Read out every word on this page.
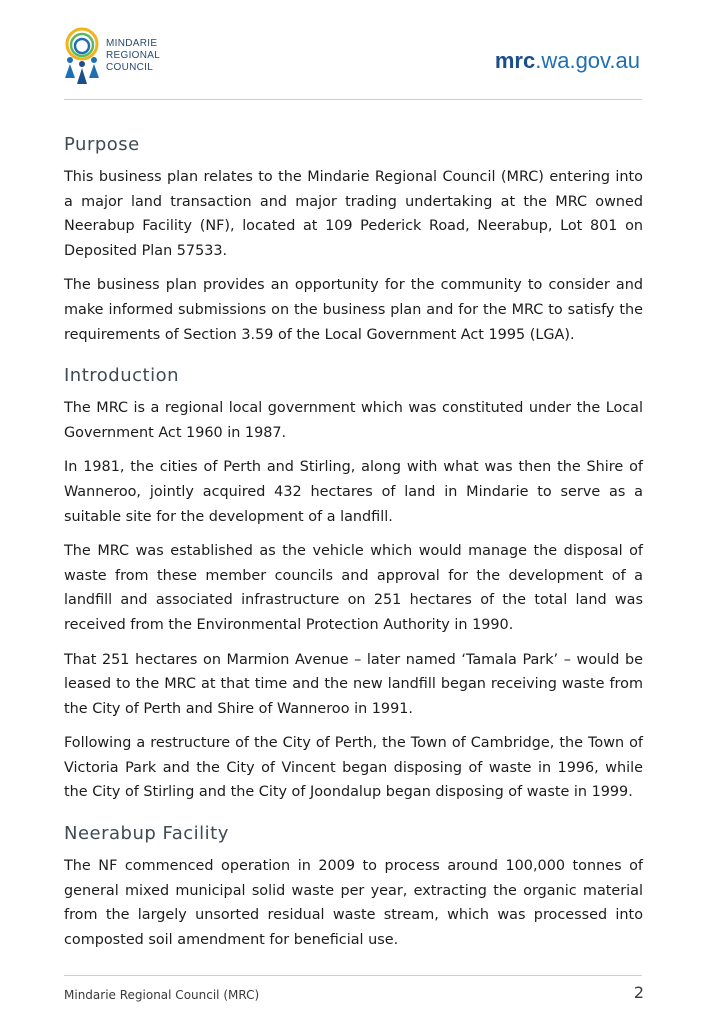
MINDARIE
REGIONAL
COUNCIL	mrc.wa.gov.au
Purpose

This business plan relates to the Mindarie Regional Council (MRC) entering into a major land transaction and major trading undertaking at the MRC owned Neerabup Facility (NF), located at 109 Pederick Road, Neerabup, Lot 801 on Deposited Plan 57533.

The business plan provides an opportunity for the community to consider and make informed submissions on the business plan and for the MRC to satisfy the requirements of Section 3.59 of the Local Government Act 1995 (LGA).

Introduction

The MRC is a regional local government which was constituted under the Local Government Act 1960 in 1987.

In 1981, the cities of Perth and Stirling, along with what was then the Shire of Wanneroo, jointly acquired 432 hectares of land in Mindarie to serve as a suitable site for the development of a landfill.

The MRC was established as the vehicle which would manage the disposal of waste from these member councils and approval for the development of a landfill and associated infrastructure on 251 hectares of the total land was received from the Environmental Protection Authority in 1990.

That 251 hectares on Marmion Avenue – later named ‘Tamala Park’ – would be leased to the MRC at that time and the new landfill began receiving waste from the City of Perth and Shire of Wanneroo in 1991.

Following a restructure of the City of Perth, the Town of Cambridge, the Town of Victoria Park and the City of Vincent began disposing of waste in 1996, while the City of Stirling and the City of Joondalup began disposing of waste in 1999.

Neerabup Facility

The NF commenced operation in 2009 to process around 100,000 tonnes of general mixed municipal solid waste per year, extracting the organic material from the largely unsorted residual waste stream, which was processed into composted soil amendment for beneficial use.

Mindarie Regional Council (MRC)	2
